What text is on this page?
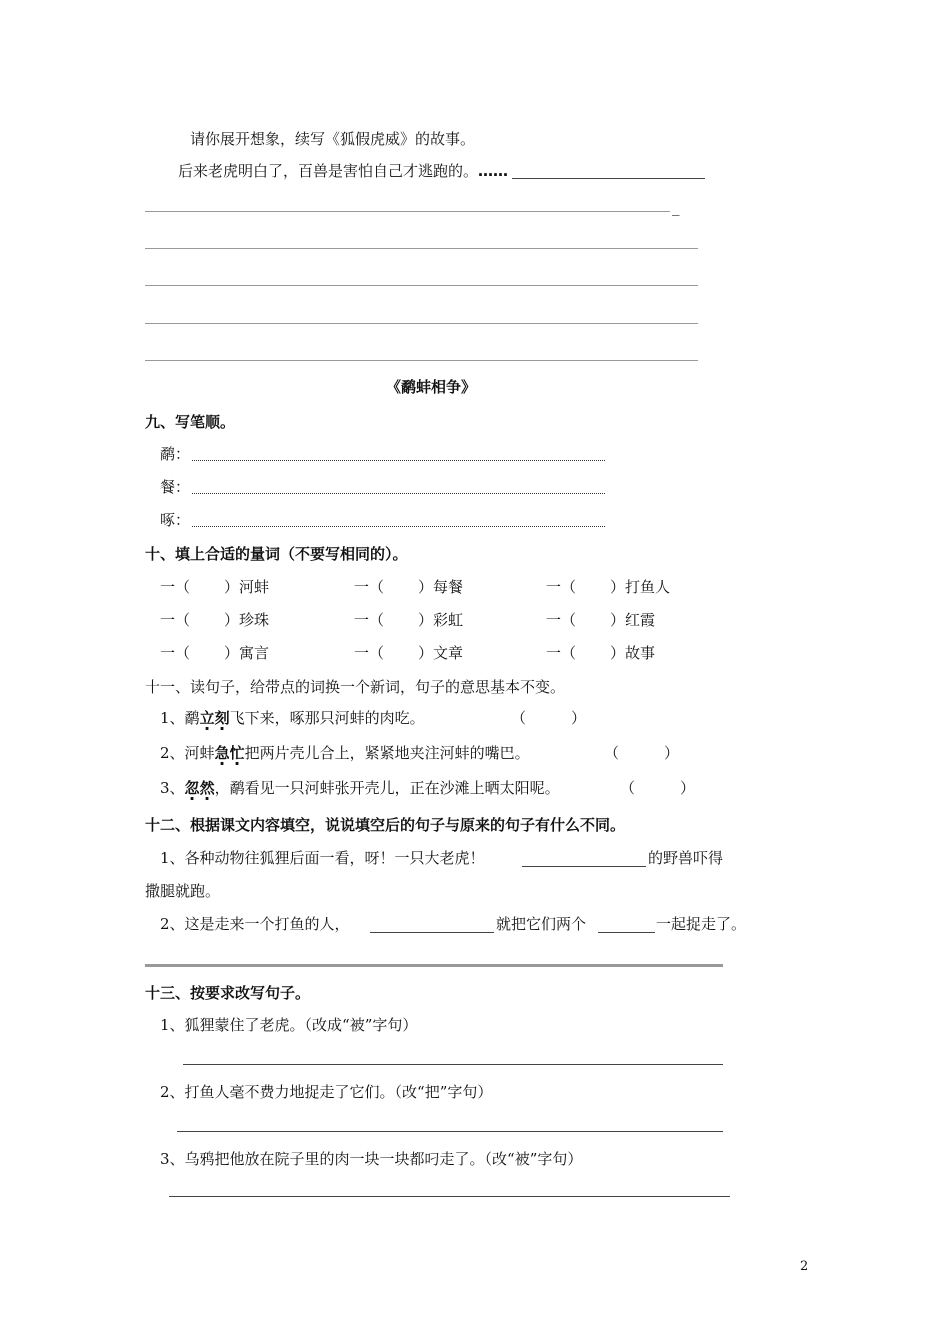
请你展开想象，续写《狐假虎威》的故事。
后来老虎明白了，百兽是害怕自己才逃跑的。……
_
《鹬蚌相争》
九、写笔顺。
鹬：
餐：
啄：
十、填上合适的量词（不要写相同的）。
一（ ）河蚌	一（ ）每餐	一（ ）打鱼人
一（ ）珍珠	一（ ）彩虹	一（ ）红霞
一（ ）寓言	一（ ）文章	一（ ）故事
十一、读句子，给带点的词换一个新词，句子的意思基本不变。
1、鹬立刻飞下来，啄那只河蚌的肉吃。	（　　　）
2、河蚌急忙把两片壳儿合上，紧紧地夹注河蚌的嘴巴。	（　　　）
3、忽然，鹬看见一只河蚌张开壳儿，正在沙滩上晒太阳呢。	（　　　）
十二、根据课文内容填空，说说填空后的句子与原来的句子有什么不同。
1、各种动物往狐狸后面一看，呀！一只大老虎！	的野兽吓得
撒腿就跑。
2、这是走来一个打鱼的人，	就把它们两个	一起捉走了。
十三、按要求改写句子。
1、狐狸蒙住了老虎。（改成“被”字句）
2、打鱼人毫不费力地捉走了它们。（改“把”字句）
3、乌鸦把他放在院子里的肉一块一块都叼走了。（改“被”字句）
2
